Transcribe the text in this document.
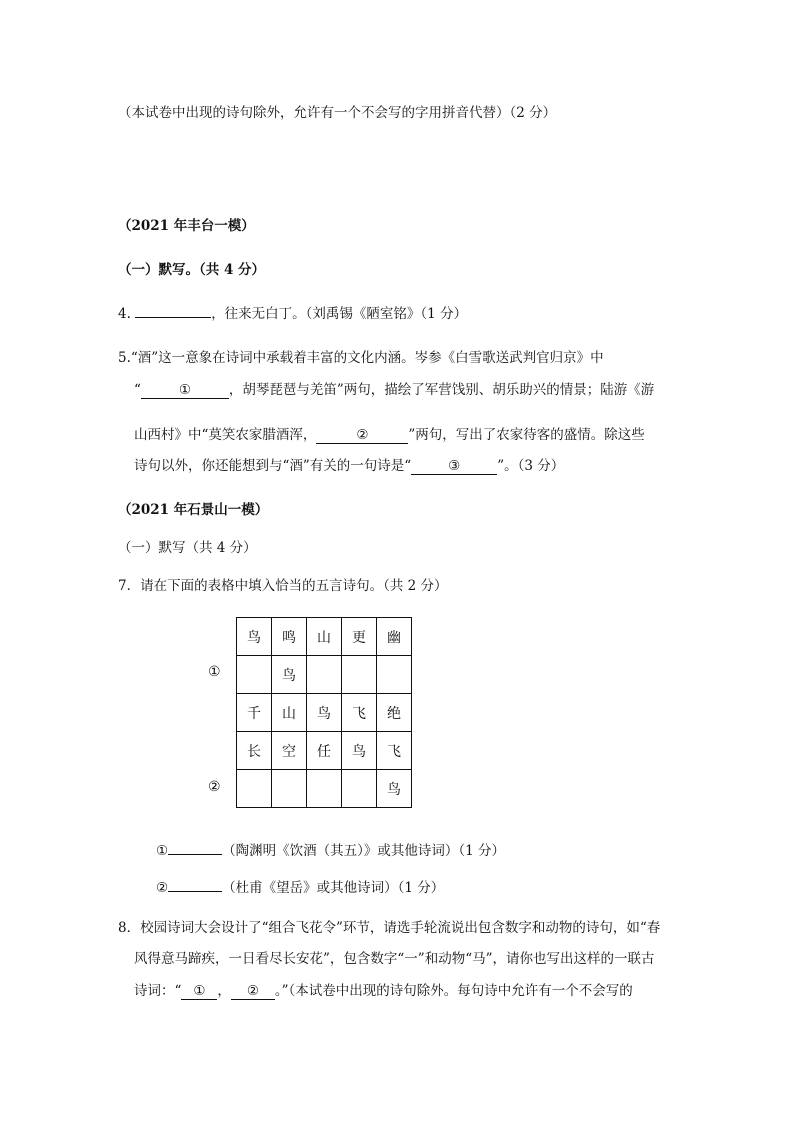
（本试卷中出现的诗句除外，允许有一个不会写的字用拼音代替）（2 分）
（2021 年丰台一模）
（一）默写。（共 4 分）
4.	，往来无白丁。（刘禹锡《陋室铭》（1 分）
5.“酒”这一意象在诗词中承载着丰富的文化内涵。岑参《白雪歌送武判官归京》中
“	①	，胡琴琵琶与羌笛”两句，描绘了军营饯别、胡乐助兴的情景；陆游《游
山西村》中“莫笑农家腊酒浑，	②	”两句，写出了农家待客的盛情。除这些
诗句以外，你还能想到与“酒”有关的一句诗是“	③	”。（3 分）
（2021 年石景山一模）
（一）默写（共 4 分）
7．请在下面的表格中填入恰当的五言诗句。（共 2 分）
①
②
鸟	鸣	山	更	幽
	鸟			
千	山	鸟	飞	绝
长	空	任	鸟	飞
				鸟
①	（陶渊明《饮酒（其五）》或其他诗词）（1 分）
②	（杜甫《望岳》或其他诗词）（1 分）
8．校园诗词大会设计了“组合飞花令”环节，请选手轮流说出包含数字和动物的诗句，如“春
风得意马蹄疾，一日看尽长安花”，包含数字“一”和动物“马”，请你也写出这样的一联古
诗词：“ ① ， ② 。”（本试卷中出现的诗句除外。每句诗中允许有一个不会写的
